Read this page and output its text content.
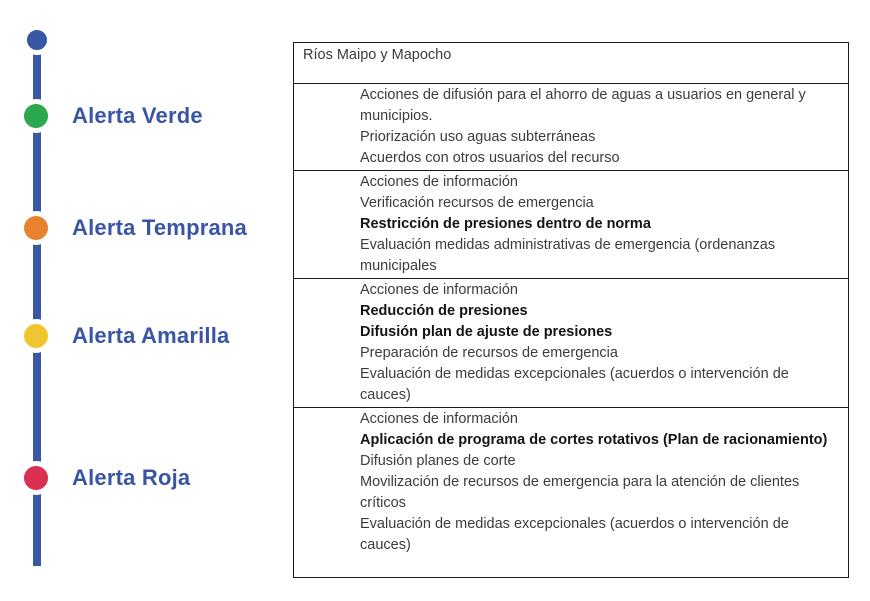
Alerta Verde
Alerta Temprana
Alerta Amarilla
Alerta Roja
Ríos Maipo y Mapocho
Acciones de difusión para el ahorro de aguas a usuarios en general y municipios.
Priorización uso aguas subterráneas
Acuerdos con otros usuarios del recurso
Acciones de información
Verificación recursos de emergencia
Restricción de presiones dentro de norma
Evaluación medidas administrativas de emergencia (ordenanzas municipales
Acciones de información
Reducción de presiones
Difusión plan de ajuste de presiones
Preparación de recursos de emergencia
Evaluación de medidas excepcionales (acuerdos o intervención de cauces)
Acciones de información
Aplicación de programa de cortes rotativos (Plan de racionamiento)
Difusión planes de corte
Movilización de recursos de emergencia para la atención de clientes críticos
Evaluación de medidas excepcionales (acuerdos o intervención de cauces)
